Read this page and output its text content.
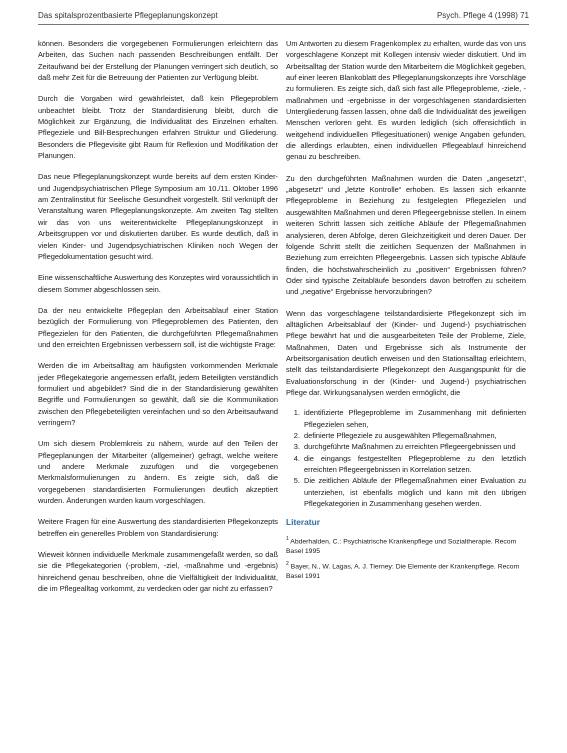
Das spitalsprozentbasierte Pflegeplanungskonzept	Psych. Pflege 4 (1998) 71

können. Besonders die vorgegebenen Formulierungen erleichtern das Arbeiten, das Suchen nach passenden Beschreibungen entfällt. Der Zeitaufwand bei der Erstellung der Planungen verringert sich deutlich, so daß mehr Zeit für die Betreuung der Patienten zur Verfügung bleibt.

Durch die Vorgaben wird gewährleistet, daß kein Pflegeproblem unbeachtet bleibt. Trotz der Standardisierung bleibt, durch die Möglichkeit zur Ergänzung, die Individualität des Einzelnen erhalten. Pflegeziele und Bill-Besprechungen erfahren Struktur und Gliederung. Besonders die Pflegevisite gibt Raum für Reflexion und Modifikation der Planungen.

Das neue Pflegeplanungskonzept wurde bereits auf dem ersten Kinder- und Jugendpsychiatrischen Pflege Symposium am 10./11. Oktober 1996 am Zentralinstitut für Seelische Gesundheit vorgestellt. Stil verknüpft der Veranstaltung waren Pflegeplanungskonzepte. Am zweiten Tag stellten wir das von uns weiterentwickelte Pflegeplanungskonzept in Arbeitsgruppen vor und diskutierten darüber. Es wurde deutlich, daß in vielen Kinder- und Jugendpsychiatrischen Kliniken noch Wegen der Pflegedokumentation gesucht wird.

Eine wissenschaftliche Auswertung des Konzeptes wird voraussichtlich in diesem Sommer abgeschlossen sein.

Da der neu entwickelte Pflegeplan den Arbeitsablauf einer Station bezüglich der Formulierung von Pflegeproblemen des Patienten, den Pflegezielen für den Patienten, die durchgeführten Pflegemaßnahmen und den erreichten Ergebnissen verbessern soll, ist die wichtigste Frage:

Werden die im Arbeitsalltag am häufigsten vorkommenden Merkmale jeder Pflegekategorie angemessen erfaßt, jedem Beteiligten verständlich formuliert und abgebildet? Sind die in der Standardisierung gewählten Begriffe und Formulierungen so gewählt, daß sie die Kommunikation zwischen den Pflegebeteiligten vereinfachen und so den Arbeitsaufwand verringern?

Um sich diesem Problemkreis zu nähern, wurde auf den Teilen der Pflegeplanungen der Mitarbeiter (allgemeiner) gefragt, welche weitere und andere Merkmale zuzufügen und die vorgegebenen Merkmalsformulierungen zu ändern. Es zeigte sich, daß die vorgegebenen standardisierten Formulierungen deutlich akzeptiert wurden. Änderungen wurden kaum vorgeschlagen.

Weitere Fragen für eine Auswertung des standardisierten Pflegekonzepts betreffen ein generelles Problem von Standardisierung:

Wieweit können individuelle Merkmale zusammengefaßt werden, so daß sie die Pflegekategorien (-problem, -ziel, -maßnahme und -ergebnis) hinreichend genau beschreiben, ohne die Vielfältigkeit der Individualität, die im Pflegealltag vorkommt, zu verdecken oder gar nicht zu erfassen?

Um Antworten zu diesem Fragenkomplex zu erhalten, wurde das von uns vorgeschlagene Konzept mit Kollegen intensiv wieder diskutiert. Und im Arbeitsalltag der Station wurde den Mitarbeitern die Möglichkeit gegeben, auf einer leeren Blankoblatt des Pflegeplanungskonzepts ihre Vorschläge zu formulieren. Es zeigte sich, daß sich fast alle Pflegeprobleme, -ziele, -maßnahmen und -ergebnisse in der vorgeschlagenen standardisierten Untergliederung fassen lassen, ohne daß die Individualität des jeweiligen Menschen verloren geht. Es wurden lediglich (sich offensichtlich in weitgehend individuellen Pflegesituationen) wenige Angaben gefunden, die allerdings erlaubten, einen individuellen Pflegeablauf hinreichend genau zu beschreiben.

Zu den durchgeführten Maßnahmen wurden die Daten „angesetzt“, „abgesetzt“ und „letzte Kontrolle“ erhoben. Es lassen sich erkannte Pflegeprobleme in Beziehung zu festgelegten Pflegezielen und ausgewählten Maßnahmen und deren Pflegeergebnisse stellen. In einem weiteren Schritt lassen sich zeitliche Abläufe der Pflegemaßnahmen analysieren, deren Abfolge, deren Gleichzeitigkeit und deren Dauer. Der folgende Schritt stellt die zeitlichen Sequenzen der Maßnahmen in Beziehung zum erreichten Pflegeergebnis. Lassen sich typische Abläufe finden, die höchstwahrscheinlich zu „positiven“ Ergebnissen führen? Oder sind typische Zeitabläufe besonders davon betroffen zu scheitern und „negative“ Ergebnisse hervorzubringen?

Wenn das vorgeschlagene teilstandardisierte Pflegekonzept sich im alltäglichen Arbeitsablauf der (Kinder- und Jugend-) psychiatrischen Pflege bewährt hat und die ausgearbeiteten Teile der Probleme, Ziele, Maßnahmen, Daten und Ergebnisse sich als Instrumente der Arbeitsorganisation deutlich erweisen und den Stationsalltag erleichtern, stellt das teilstandardisierte Pflegekonzept den Ausgangspunkt für die Evaluationsforschung in der (Kinder- und Jugend-) psychiatrischen Pflege dar. Wirkungsanalysen werden ermöglicht, die

1. identifizierte Pflegeprobleme im Zusammenhang mit definierten Pflegezielen sehen,
2. definierte Pflegeziele zu ausgewählten Pflegemaßnahmen,
3. durchgeführte Maßnahmen zu erreichten Pflegeergebnissen und
4. die eingangs festgestellten Pflegeprobleme zu den letztlich erreichten Pflegeergebnissen in Korrelation setzen.
5. Die zeitlichen Abläufe der Pflegemaßnahmen einer Evaluation zu unterziehen, ist ebenfalls möglich und kann mit den übrigen Pflegekategorien in Zusammenhang gesehen werden.
Literatur
$^1$ Abderhalden, C.: Psychiatrische Krankenpflege und Sozialtherapie. Recom Basel 1995
$^2$ Bayer, N., W. Lagas, A. J. Tierney: Die Elemente der Krankenpflege. Recom Basel 1991
